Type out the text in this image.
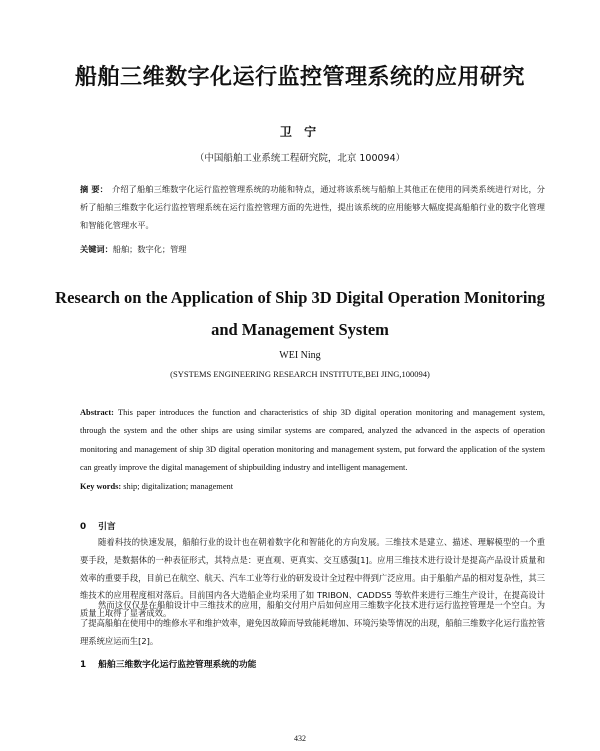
船舶三维数字化运行监控管理系统的应用研究
卫 宁
（中国船舶工业系统工程研究院，北京 100094）
摘 要： 介绍了船舶三维数字化运行监控管理系统的功能和特点，通过将该系统与船舶上其他正在使用的同类系统进行对比，分析了船舶三维数字化运行监控管理系统在运行监控管理方面的先进性，提出该系统的应用能够大幅度提高船舶行业的数字化管理和智能化管理水平。
关键词：船舶；数字化；管理
Research on the Application of Ship 3D Digital Operation Monitoring and Management System
WEI Ning
(SYSTEMS ENGINEERING RESEARCH INSTITUTE,BEI JING,100094)
Abstract: This paper introduces the function and characteristics of ship 3D digital operation monitoring and management system, through the system and the other ships are using similar systems are compared, analyzed the advanced in the aspects of operation monitoring and management of ship 3D digital operation monitoring and management system, put forward the application of the system can greatly improve the digital management of shipbuilding industry and intelligent management.
Key words: ship; digitalization; management
0 引言
随着科技的快速发展，船舶行业的设计也在朝着数字化和智能化的方向发展。三维技术是建立、描述、理解模型的一个重要手段，是数据体的一种表征形式，其特点是：更直观、更真实、交互感强[1]。应用三维技术进行设计是提高产品设计质量和效率的重要手段，目前已在航空、航天、汽车工业等行业的研发设计全过程中得到广泛应用。由于船舶产品的相对复杂性，其三维技术的应用程度相对落后。目前国内各大造船企业均采用了如 TRIBON、CADDS5 等软件来进行三维生产设计，在提高设计质量上取得了显著成效。
然而这仅仅是在船舶设计中三维技术的应用，船舶交付用户后如何应用三维数字化技术进行运行监控管理是一个空白。为了提高船舶在使用中的维修水平和维护效率，避免因故障而导致能耗增加、环境污染等情况的出现，船舶三维数字化运行监控管理系统应运而生[2]。
1 船舶三维数字化运行监控管理系统的功能
432
